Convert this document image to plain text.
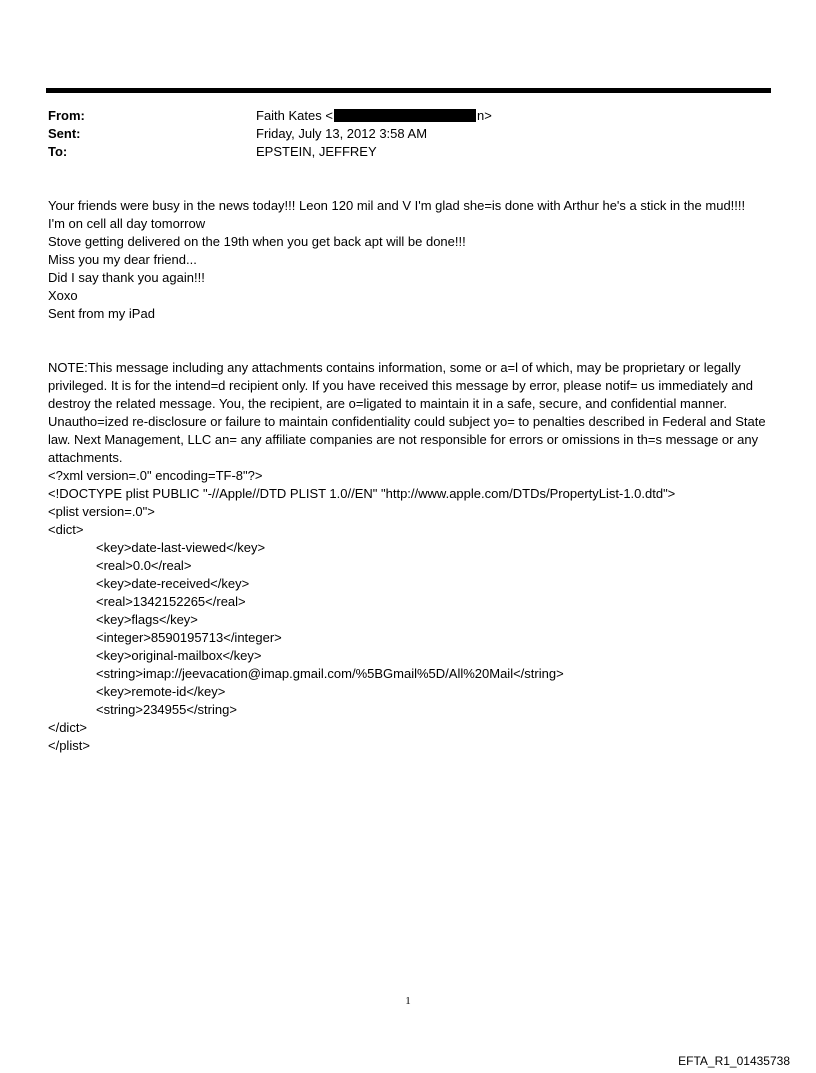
From:	Faith Kates <	n>
Sent:	Friday, July 13, 2012 3:58 AM
To:	EPSTEIN, JEFFREY
Your friends were busy in the news today!!! Leon 120 mil and V I'm glad she=is done with Arthur he's a stick in the mud!!!!
I'm on cell all day tomorrow
Stove getting delivered on the 19th when you get back apt will be done!!!
Miss you my dear friend...
Did I say thank you again!!!
Xoxo
Sent from my iPad
NOTE:This message including any attachments contains information, some or a=l of which, may be proprietary or legally privileged. It is for the intend=d recipient only. If you have received this message by error, please notif= us immediately and destroy the related message. You, the recipient, are o=ligated to maintain it in a safe, secure, and confidential manner. Unautho=ized re-disclosure or failure to maintain confidentiality could subject yo= to penalties described in Federal and State law. Next Management, LLC an= any affiliate companies are not responsible for errors or omissions in th=s message or any attachments.
<?xml version=.0" encoding=TF-8"?>
<!DOCTYPE plist PUBLIC "-//Apple//DTD PLIST 1.0//EN" "http://www.apple.com/DTDs/PropertyList-1.0.dtd">
<plist version=.0">
<dict>
<key>date-last-viewed</key>
<real>0.0</real>
<key>date-received</key>
<real>1342152265</real>
<key>flags</key>
<integer>8590195713</integer>
<key>original-mailbox</key>
<string>imap://jeevacation@imap.gmail.com/%5BGmail%5D/All%20Mail</string>
<key>remote-id</key>
<string>234955</string>
</dict>
</plist>
1
EFTA_R1_01435738
